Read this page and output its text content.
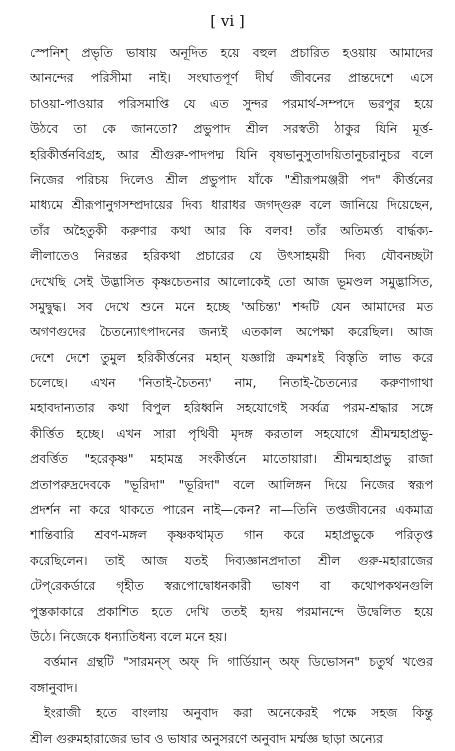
[ vi ]
স্পেনিশ্‌ প্রভৃতি ভাষায় অনূদিত হয়ে বহুল প্রচারিত হওয়ায় আমাদের
আনন্দের পরিসীমা নাই। সংঘাতপূর্ণ দীর্ঘ জীবনের প্রান্তদেশে এসে
চাওয়া-পাওয়ার পরিসমাপ্তি যে এত সুন্দর পরমার্থ-সম্পদে ভরপুর হয়ে
উঠবে তা কে জানতো? প্রভুপাদ শ্রীল সরস্বতী ঠাকুর যিনি মূর্ত্ত-
হরিকীর্ত্তনবিগ্রহ, আর শ্রীগুরু-পাদপদ্ম যিনি বৃষভানুসুতাদয়িতানুচরানুচর বলে
নিজের পরিচয় দিলেও শ্রীল প্রভুপাদ যাঁকে "শ্রীরূপমঞ্জরী পদ" কীর্ত্তনের
মাধ্যমে শ্রীরূপানুগসম্প্রদায়ের দিব্য ধারাধর জগদ্গুরু বলে জানিয়ে দিয়েছেন,
তাঁর অহৈতুকী করুণার কথা আর কি বলব! তাঁর অতিমর্ত্ত্য বার্দ্ধক্য-
লীলাতেও নিরন্তর হরিকথা প্রচারের যে উৎসাহময়ী দিব্য যৌবনচ্ছটা
দেখেছি সেই উদ্ভাসিত কৃষ্ণচেতনার আলোকেই তো আজ ভূমণ্ডল সমুদ্ভাসিত,
সমুদ্বুদ্ধ। সব দেখে শুনে মনে হচ্ছে 'অচিন্ত্য' শব্দটি যেন আমাদের মত
অগণগুদের চৈতন্যোৎপাদনের জন্যই এতকাল অপেক্ষা করেছিল। আজ
দেশে দেশে তুমুল হরিকীর্ত্তনের মহান্ যজ্ঞাগ্নি ক্রমশঃই বিস্তৃতি লাভ করে
চলেছে। এখন 'নিতাই-চৈতন্য' নাম, নিতাই-চৈতন্যের করুণাগাথা
মহাবদান্যতার কথা বিপুল হরিধ্বনি সহযোগেই সর্ব্বত্র পরম-শ্রদ্ধার সঙ্গে
কীর্ত্তিত হচ্ছে। এখন সারা পৃথিবী মৃদঙ্গ করতাল সহযোগে শ্রীমন্মহাপ্রভু-
প্রবর্ত্তিত "হরেকৃষ্ণ" মহামন্ত্র সংকীর্ত্তনে মাতোয়ারা। শ্রীমন্মহাপ্রভু রাজা
প্রতাপরুদ্রদেবকে "ভূরিদা" "ভূরিদা" বলে আলিঙ্গন দিয়ে নিজের স্বরূপ
প্রদর্শন না করে থাকতে পারেন নাই—কেন? না—তিনি তপ্তজীবনের একমাত্র
শান্তিবারি শ্রবণ-মঙ্গল কৃষ্ণকথামৃত গান করে মহাপ্রভুকে পরিতৃপ্ত
করেছিলেন। তাই আজ যতই দিব্যজ্ঞানপ্রদাতা শ্রীল গুরু-মহারাজের
টেপ্‌রেকর্ডারে গৃহীত স্বরূপোদ্বোধনকারী ভাষণ বা কথোপকথনগুলি
পুস্তকাকারে প্রকাশিত হতে দেখি ততই হৃদয় পরমানন্দে উদ্বেলিত হয়ে
উঠে। নিজেকে ধন্যাতিধন্য বলে মনে হয়।
বর্ত্তমান গ্রন্থটি "সারমন্‌স্‌ অফ্‌ দি গার্ডিয়ান্‌ অফ্‌ ডিভোসন" চতুর্থ খণ্ডের
বঙ্গানুবাদ।
ইংরাজী হতে বাংলায় অনুবাদ করা অনেকেরই পক্ষে সহজ কিন্তু
শ্রীল গুরুমহারাজের ভাব ও ভাষার অনুসরণে অনুবাদ মর্ম্মজ্ঞ ছাড়া অন্যের
